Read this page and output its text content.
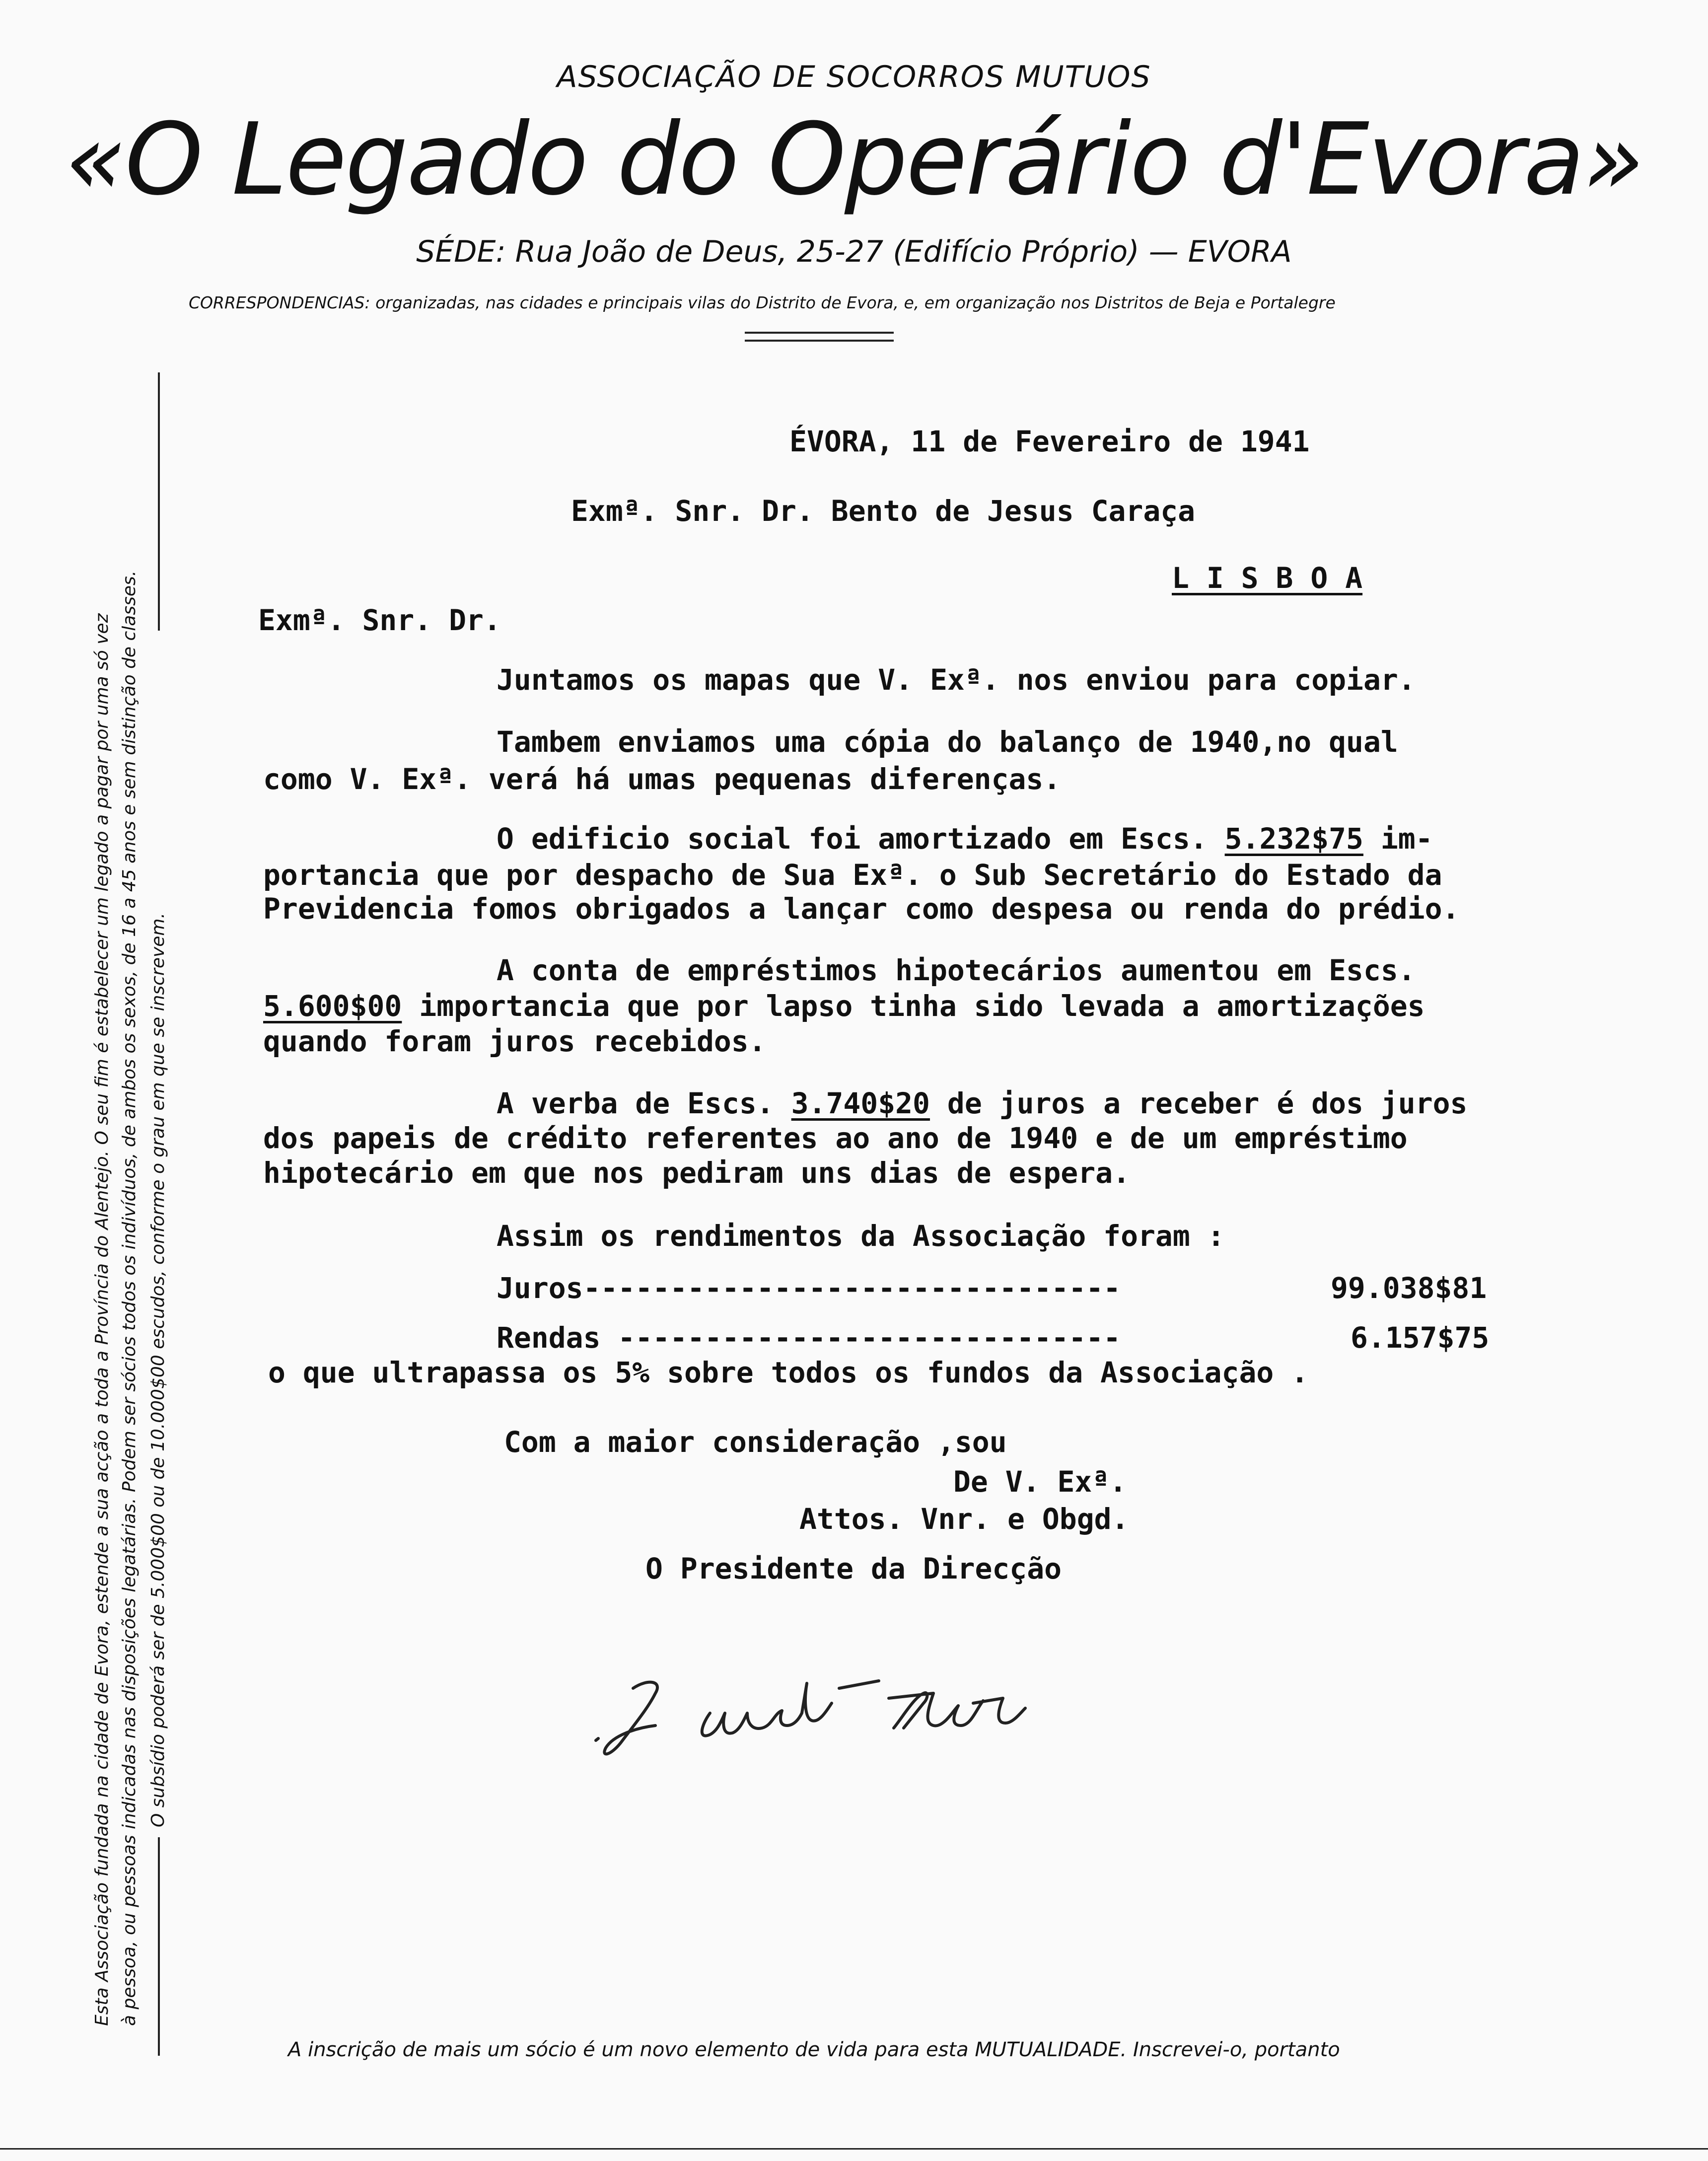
ASSOCIAÇÃO DE SOCORROS MUTUOS
«O Legado do Operário d'Evora»
SÉDE: Rua João de Deus, 25-27 (Edifício Próprio) — EVORA
CORRESPONDENCIAS: organizadas, nas cidades e principais vilas do Distrito de Evora, e, em organização nos Distritos de Beja e Portalegre
Esta Associação fundada na cidade de Evora, estende a sua acção a toda a Província do Alentejo. O seu fim é estabelecer um legado a pagar por uma só vez à pessoa, ou pessoas indicadas nas disposições legatárias. Podem ser sócios todos os indivíduos, de ambos os sexos, de 16 a 45 anos e sem distinção de classes. O subsídio poderá ser de 5.000$00 ou de 10.000$00 escudos, conforme o grau em que se inscrevem.
ÉVORA, 11 de Fevereiro de 1941
Exmª. Snr. Dr. Bento de Jesus Caraça
L I S B O A
Exmª. Snr. Dr.
Juntamos os mapas que V. Exª. nos enviou para copiar.
Tambem enviamos uma cópia do balanço de 1940,no qual
como V. Exª. verá há umas pequenas diferenças.
O edificio social foi amortizado em Escs. 5.232$75 im-
portancia que por despacho de Sua Exª. o Sub Secretário do Estado da
Previdencia fomos obrigados a lançar como despesa ou renda do prédio.
A conta de empréstimos hipotecários aumentou em Escs.
5.600$00 importancia que por lapso tinha sido levada a amortizações
quando foram juros recebidos.
A verba de Escs. 3.740$20 de juros a receber é dos juros
dos papeis de crédito referentes ao ano de 1940 e de um empréstimo
hipotecário em que nos pediram uns dias de espera.
Assim os rendimentos da Associação foram :
Juros-------------------------------	99.038$81
Rendas -----------------------------	6.157$75
o que ultrapassa os 5% sobre todos os fundos da Associação .
Com a maior consideração ,sou
De V. Exª.
Attos. Vnr. e Obgd.
O Presidente da Direcção
A inscrição de mais um sócio é um novo elemento de vida para esta MUTUALIDADE. Inscrevei-o, portanto
